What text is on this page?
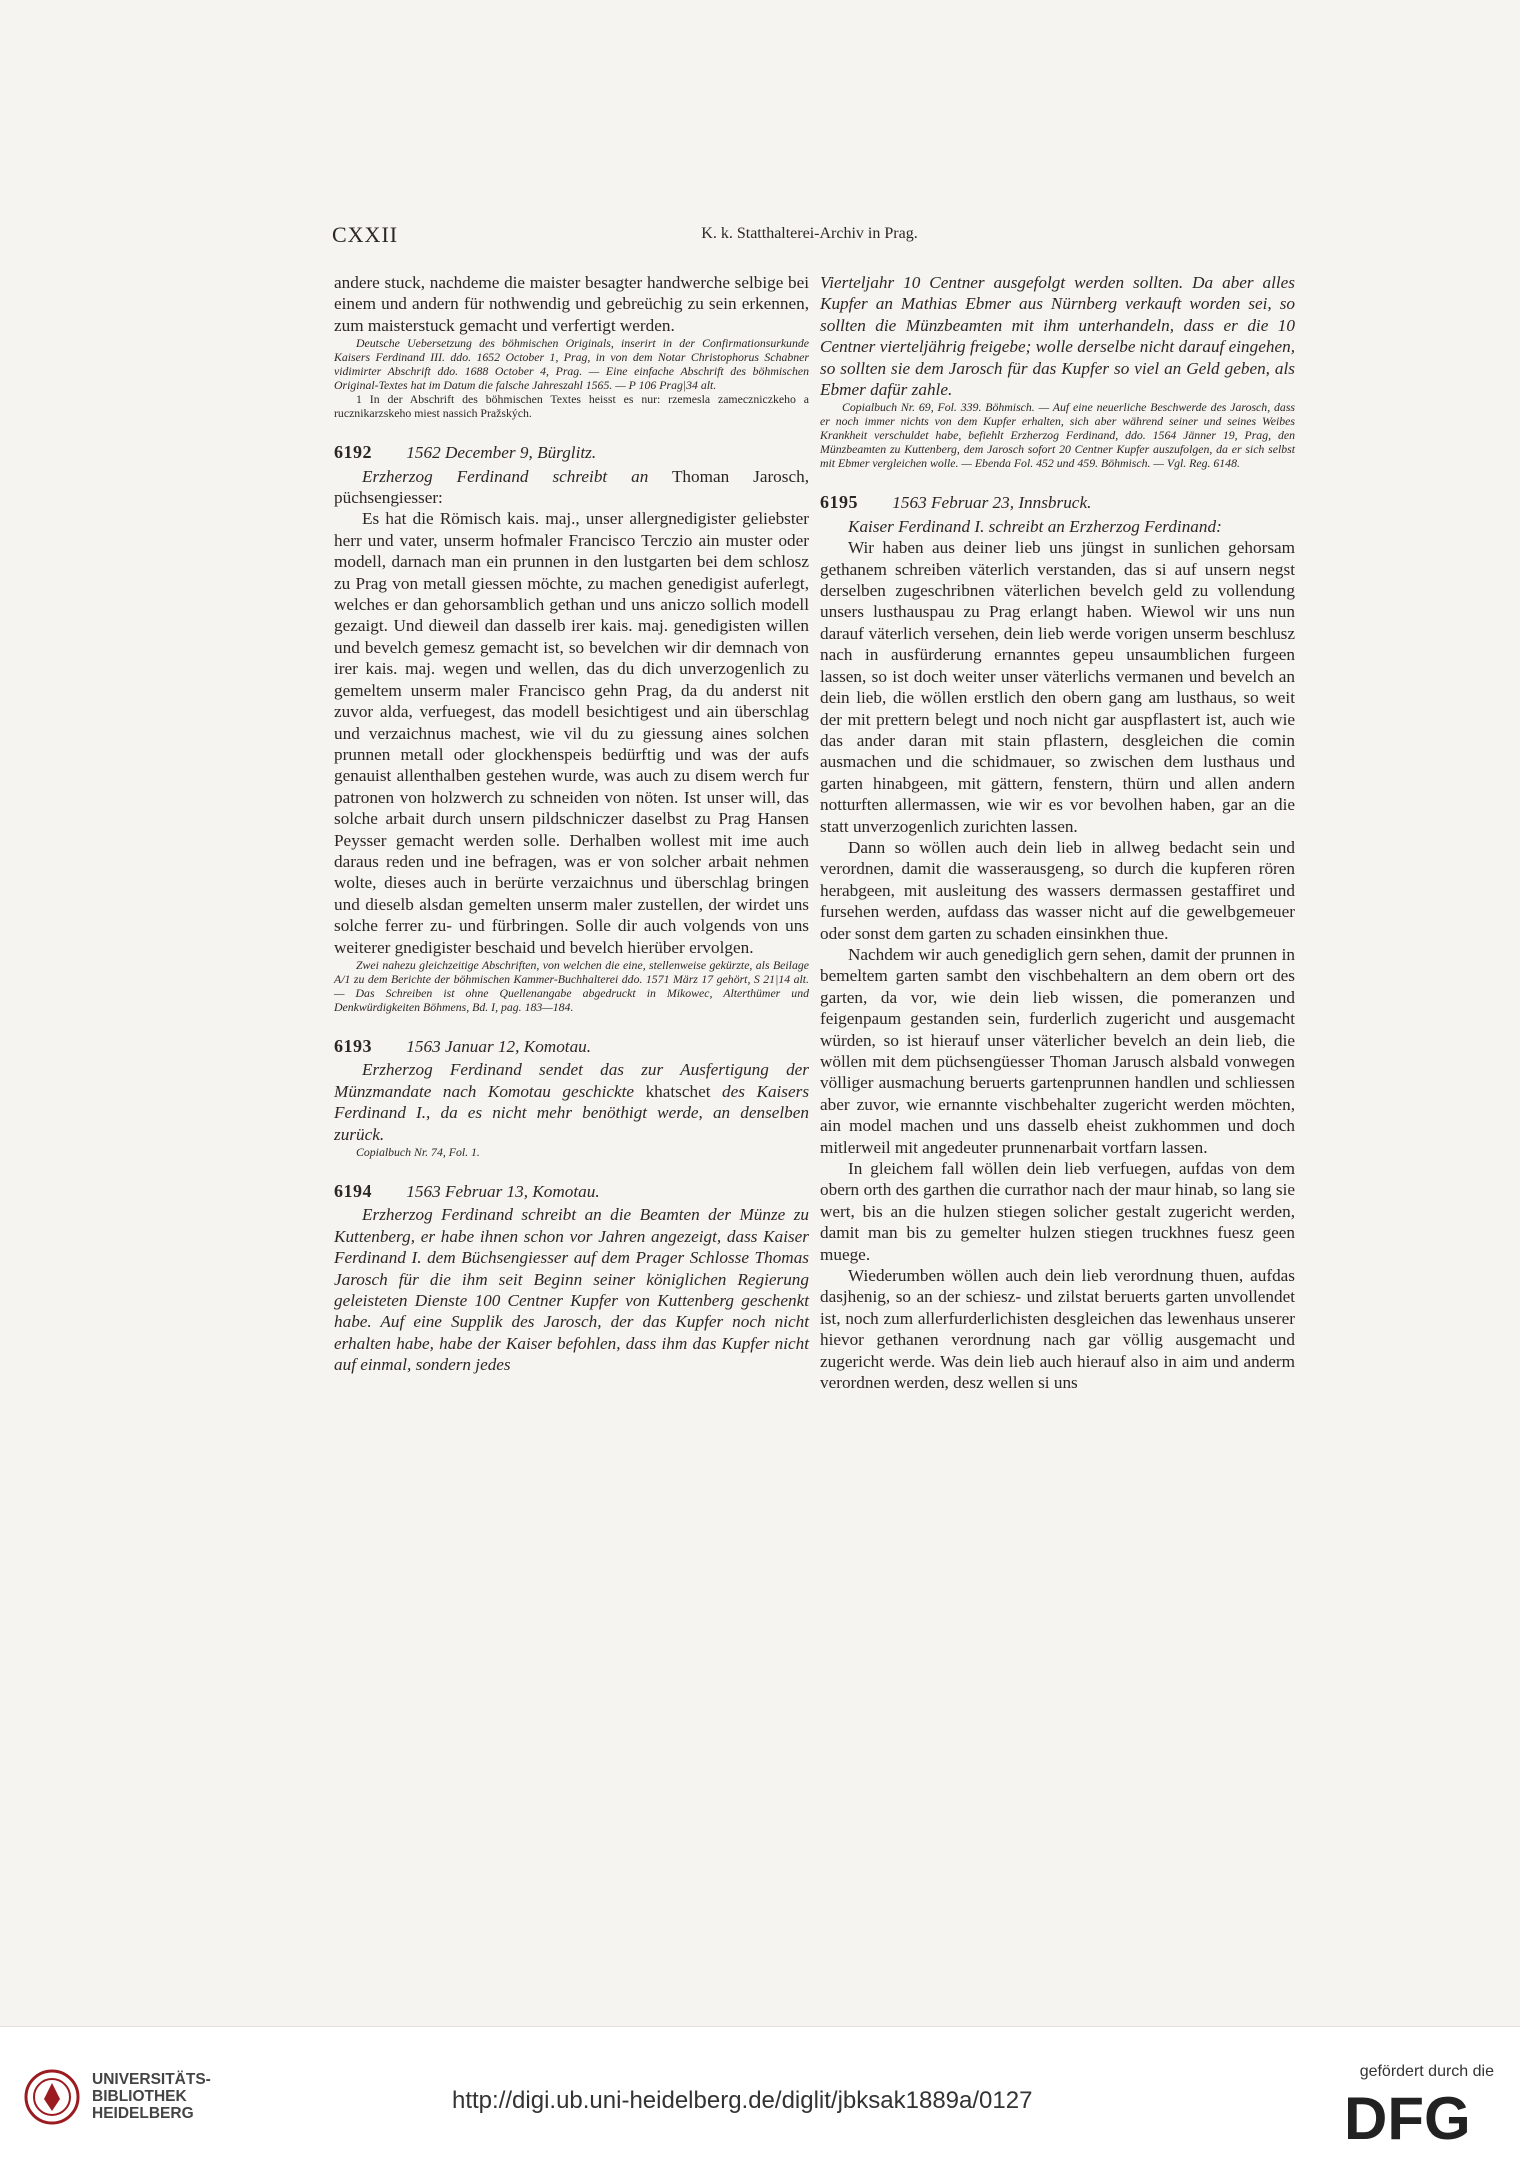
CXXII	K. k. Statthalterei-Archiv in Prag.

andere stuck, nachdeme die maister besagter handwerche selbige bei einem und andern für nothwendig und gebreüchig zu sein erkennen, zum maisterstuck gemacht und verfertigt werden.

Deutsche Uebersetzung des böhmischen Originals, inserirt in der Confirmationsurkunde Kaisers Ferdinand III. ddo. 1652 October 1, Prag, in von dem Notar Christophorus Schabner vidimirter Abschrift ddo. 1688 October 4, Prag. — Eine einfache Abschrift des böhmischen Original-Textes hat im Datum die falsche Jahreszahl 1565. — P 106 Prag|34 alt.

1 In der Abschrift des böhmischen Textes heisst es nur: rzemesla zameczniczkeho a rucznikarzskeho miest nassich Pražských.

6192 1562 December 9, Bürglitz.

Erzherzog Ferdinand schreibt an Thoman Jarosch, püchsengiesser:

Es hat die Römisch kais. maj., unser allergnedigister geliebster herr und vater, unserm hofmaler Francisco Terczio ain muster oder modell, darnach man ein prunnen in den lustgarten bei dem schlosz zu Prag von metall giessen möchte, zu machen genedigist auferlegt, welches er dan gehorsamblich gethan und uns aniczo sollich modell gezaigt. Und dieweil dan dasselb irer kais. maj. genedigisten willen und bevelch gemesz gemacht ist, so bevelchen wir dir demnach von irer kais. maj. wegen und wellen, das du dich unverzogenlich zu gemeltem unserm maler Francisco gehn Prag, da du anderst nit zuvor alda, verfuegest, das modell besichtigest und ain überschlag und verzaichnus machest, wie vil du zu giessung aines solchen prunnen metall oder glockhenspeis bedürftig und was der aufs genauist allenthalben gestehen wurde, was auch zu disem werch fur patronen von holzwerch zu schneiden von nöten. Ist unser will, das solche arbait durch unsern pildschniczer daselbst zu Prag Hansen Peysser gemacht werden solle. Derhalben wollest mit ime auch daraus reden und ine befragen, was er von solcher arbait nehmen wolte, dieses auch in berürte verzaichnus und überschlag bringen und dieselb alsdan gemelten unserm maler zustellen, der wirdet uns solche ferrer zu- und fürbringen. Solle dir auch volgends von uns weiterer gnedigister beschaid und bevelch hierüber ervolgen.

Zwei nahezu gleichzeitige Abschriften, von welchen die eine, stellenweise gekürzte, als Beilage A/1 zu dem Berichte der böhmischen Kammer-Buchhalterei ddo. 1571 März 17 gehört, S 21|14 alt. — Das Schreiben ist ohne Quellenangabe abgedruckt in Mikowec, Alterthümer und Denkwürdigkeiten Böhmens, Bd. I, pag. 183—184.

6193 1563 Januar 12, Komotau.

Erzherzog Ferdinand sendet das zur Ausfertigung der Münzmandate nach Komotau geschickte khatschet des Kaisers Ferdinand I., da es nicht mehr benöthigt werde, an denselben zurück.

Copialbuch Nr. 74, Fol. 1.

6194 1563 Februar 13, Komotau.

Erzherzog Ferdinand schreibt an die Beamten der Münze zu Kuttenberg, er habe ihnen schon vor Jahren angezeigt, dass Kaiser Ferdinand I. dem Büchsengiesser auf dem Prager Schlosse Thomas Jarosch für die ihm seit Beginn seiner königlichen Regierung geleisteten Dienste 100 Centner Kupfer von Kuttenberg geschenkt habe. Auf eine Supplik des Jarosch, der das Kupfer noch nicht erhalten habe, habe der Kaiser befohlen, dass ihm das Kupfer nicht auf einmal, sondern jedes

Vierteljahr 10 Centner ausgefolgt werden sollten. Da aber alles Kupfer an Mathias Ebmer aus Nürnberg verkauft worden sei, so sollten die Münzbeamten mit ihm unterhandeln, dass er die 10 Centner vierteljährig freigebe; wolle derselbe nicht darauf eingehen, so sollten sie dem Jarosch für das Kupfer so viel an Geld geben, als Ebmer dafür zahle.

Copialbuch Nr. 69, Fol. 339. Böhmisch. — Auf eine neuerliche Beschwerde des Jarosch, dass er noch immer nichts von dem Kupfer erhalten, sich aber während seiner und seines Weibes Krankheit verschuldet habe, befiehlt Erzherzog Ferdinand, ddo. 1564 Jänner 19, Prag, den Münzbeamten zu Kuttenberg, dem Jarosch sofort 20 Centner Kupfer auszufolgen, da er sich selbst mit Ebmer vergleichen wolle. — Ebenda Fol. 452 und 459. Böhmisch. — Vgl. Reg. 6148.

6195 1563 Februar 23, Innsbruck.

Kaiser Ferdinand I. schreibt an Erzherzog Ferdinand:

Wir haben aus deiner lieb uns jüngst in sunlichen gehorsam gethanem schreiben väterlich verstanden, das si auf unsern negst derselben zugeschribnen väterlichen bevelch geld zu vollendung unsers lusthauspau zu Prag erlangt haben. Wiewol wir uns nun darauf väterlich versehen, dein lieb werde vorigen unserm beschlusz nach in ausfürderung ernanntes gepeu unsaumblichen furgeen lassen, so ist doch weiter unser väterlichs vermanen und bevelch an dein lieb, die wöllen erstlich den obern gang am lusthaus, so weit der mit prettern belegt und noch nicht gar auspflastert ist, auch wie das ander daran mit stain pflastern, desgleichen die comin ausmachen und die schidmauer, so zwischen dem lusthaus und garten hinabgeen, mit gättern, fenstern, thürn und allen andern notturften allermassen, wie wir es vor bevolhen haben, gar an die statt unverzogenlich zurichten lassen.

Dann so wöllen auch dein lieb in allweg bedacht sein und verordnen, damit die wasserausgeng, so durch die kupferen rören herabgeen, mit ausleitung des wassers dermassen gestaffiret und fursehen werden, aufdass das wasser nicht auf die gewelbgemeuer oder sonst dem garten zu schaden einsinkhen thue.

Nachdem wir auch genediglich gern sehen, damit der prunnen in bemeltem garten sambt den vischbehaltern an dem obern ort des garten, da vor, wie dein lieb wissen, die pomeranzen und feigenpaum gestanden sein, furderlich zugericht und ausgemacht würden, so ist hierauf unser väterlicher bevelch an dein lieb, die wöllen mit dem püchsengüesser Thoman Jarusch alsbald vonwegen völliger ausmachung beruerts gartenprunnen handlen und schliessen aber zuvor, wie ernannte vischbehalter zugericht werden möchten, ain model machen und uns dasselb eheist zukhommen und doch mitlerweil mit angedeuter prunnenarbait vortfarn lassen.

In gleichem fall wöllen dein lieb verfuegen, aufdas von dem obern orth des garthen die currathor nach der maur hinab, so lang sie wert, bis an die hulzen stiegen solicher gestalt zugericht werden, damit man bis zu gemelter hulzen stiegen truckhnes fuesz geen muege.

Wiederumben wöllen auch dein lieb verordnung thuen, aufdas dasjhenig, so an der schiesz- und zilstat beruerts garten unvollendet ist, noch zum allerfurderlichisten desgleichen das lewenhaus unserer hievor gethanen verordnung nach gar völlig ausgemacht und zugericht werde. Was dein lieb auch hierauf also in aim und anderm verordnen werden, desz wellen si uns

UNIVERSITÄTS-
BIBLIOTHEK
HEIDELBERG	http://digi.ub.uni-heidelberg.de/diglit/jbksak1889a/0127
gefördert durch die
DFG
